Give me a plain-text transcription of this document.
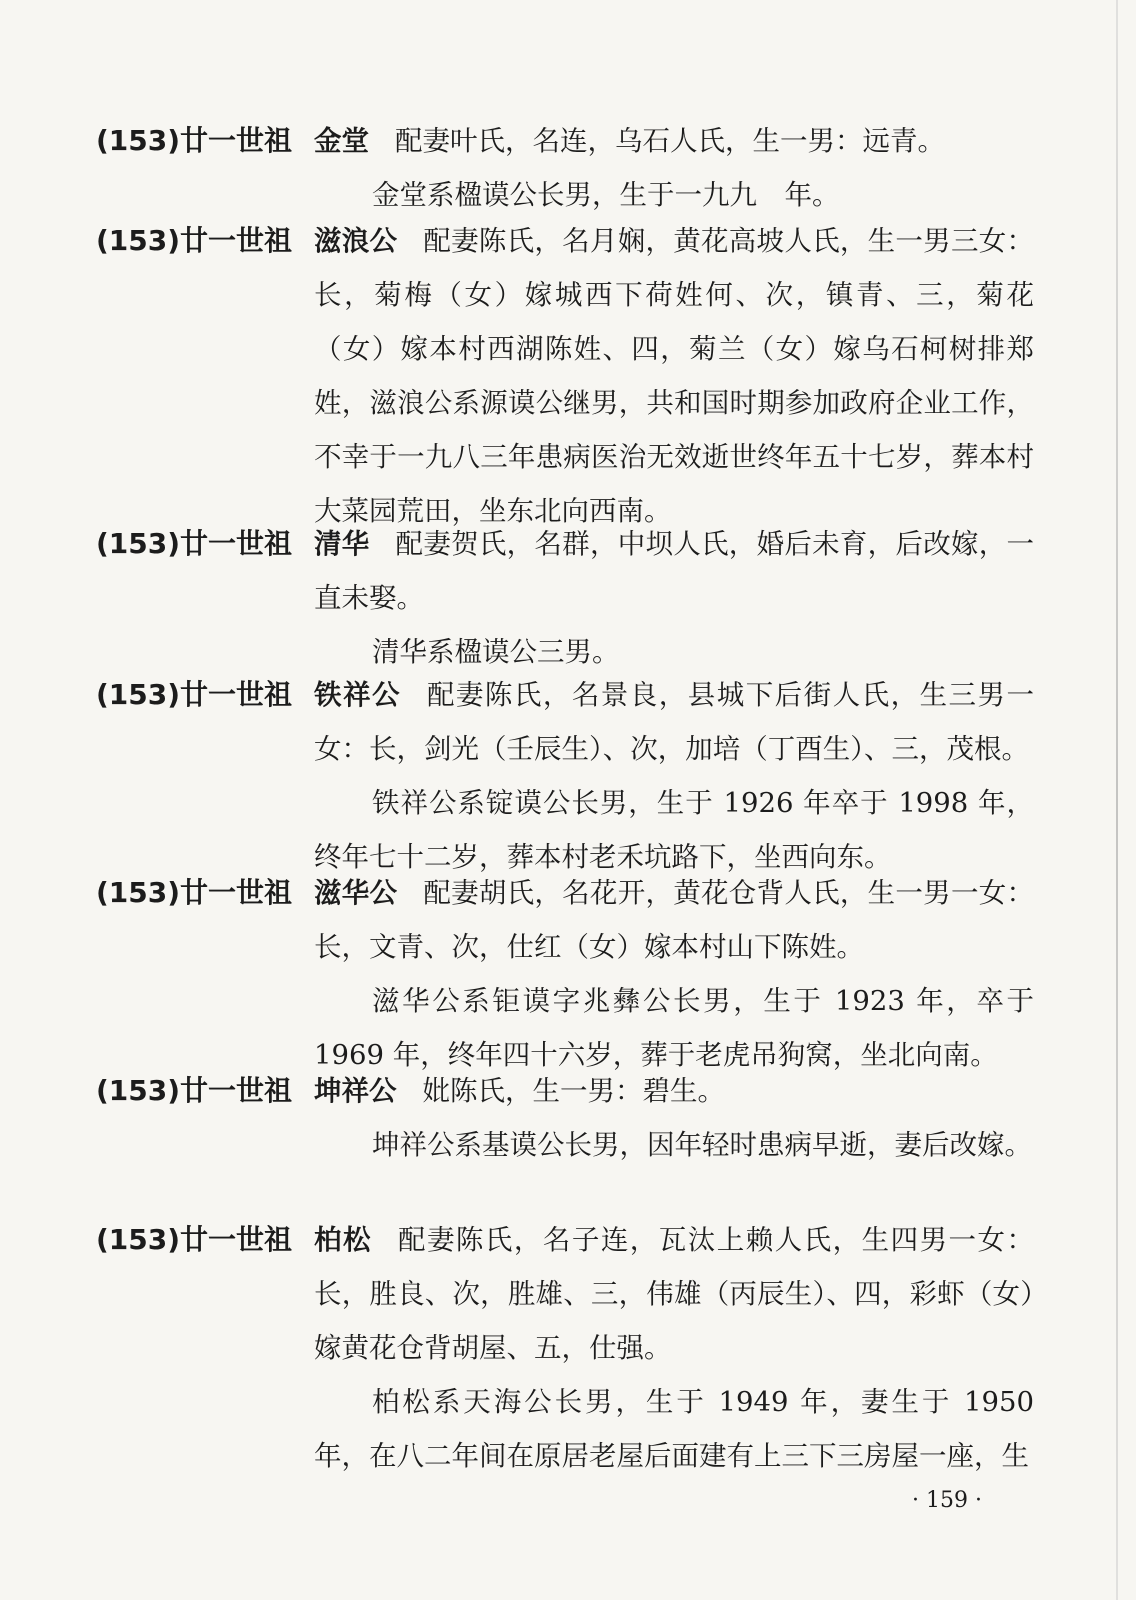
(153)廿一世祖 金堂 配妻叶氏，名连，乌石人氏，生一男：远青。
金堂系楹谟公长男，生于一九九　年。
(153)廿一世祖 滋浪公 配妻陈氏，名月娴，黄花高坡人氏，生一男三女：长，菊梅（女）嫁城西下荷姓何、次，镇青、三，菊花（女）嫁本村西湖陈姓、四，菊兰（女）嫁乌石柯树排郑姓，滋浪公系源谟公继男，共和国时期参加政府企业工作，不幸于一九八三年患病医治无效逝世终年五十七岁，葬本村大菜园荒田，坐东北向西南。
(153)廿一世祖 清华 配妻贺氏，名群，中坝人氏，婚后未育，后改嫁，一直未娶。
清华系楹谟公三男。
(153)廿一世祖 铁祥公 配妻陈氏，名景良，县城下后街人氏，生三男一女：长，剑光（壬辰生）、次，加培（丁酉生）、三，茂根。
铁祥公系锭谟公长男，生于 1926 年卒于 1998 年，终年七十二岁，葬本村老禾坑路下，坐西向东。
(153)廿一世祖 滋华公 配妻胡氏，名花开，黄花仓背人氏，生一男一女：长，文青、次，仕红（女）嫁本村山下陈姓。
滋华公系钜谟字兆彝公长男，生于 1923 年，卒于 1969 年，终年四十六岁，葬于老虎吊狗窝，坐北向南。
(153)廿一世祖 坤祥公 妣陈氏，生一男：碧生。
坤祥公系基谟公长男，因年轻时患病早逝，妻后改嫁。
(153)廿一世祖 柏松 配妻陈氏，名子连，瓦汰上赖人氏，生四男一女：长，胜良、次，胜雄、三，伟雄（丙辰生）、四，彩虾（女）嫁黄花仓背胡屋、五，仕强。
柏松系天海公长男，生于 1949 年，妻生于 1950 年，在八二年间在原居老屋后面建有上三下三房屋一座，生
· 159 ·
